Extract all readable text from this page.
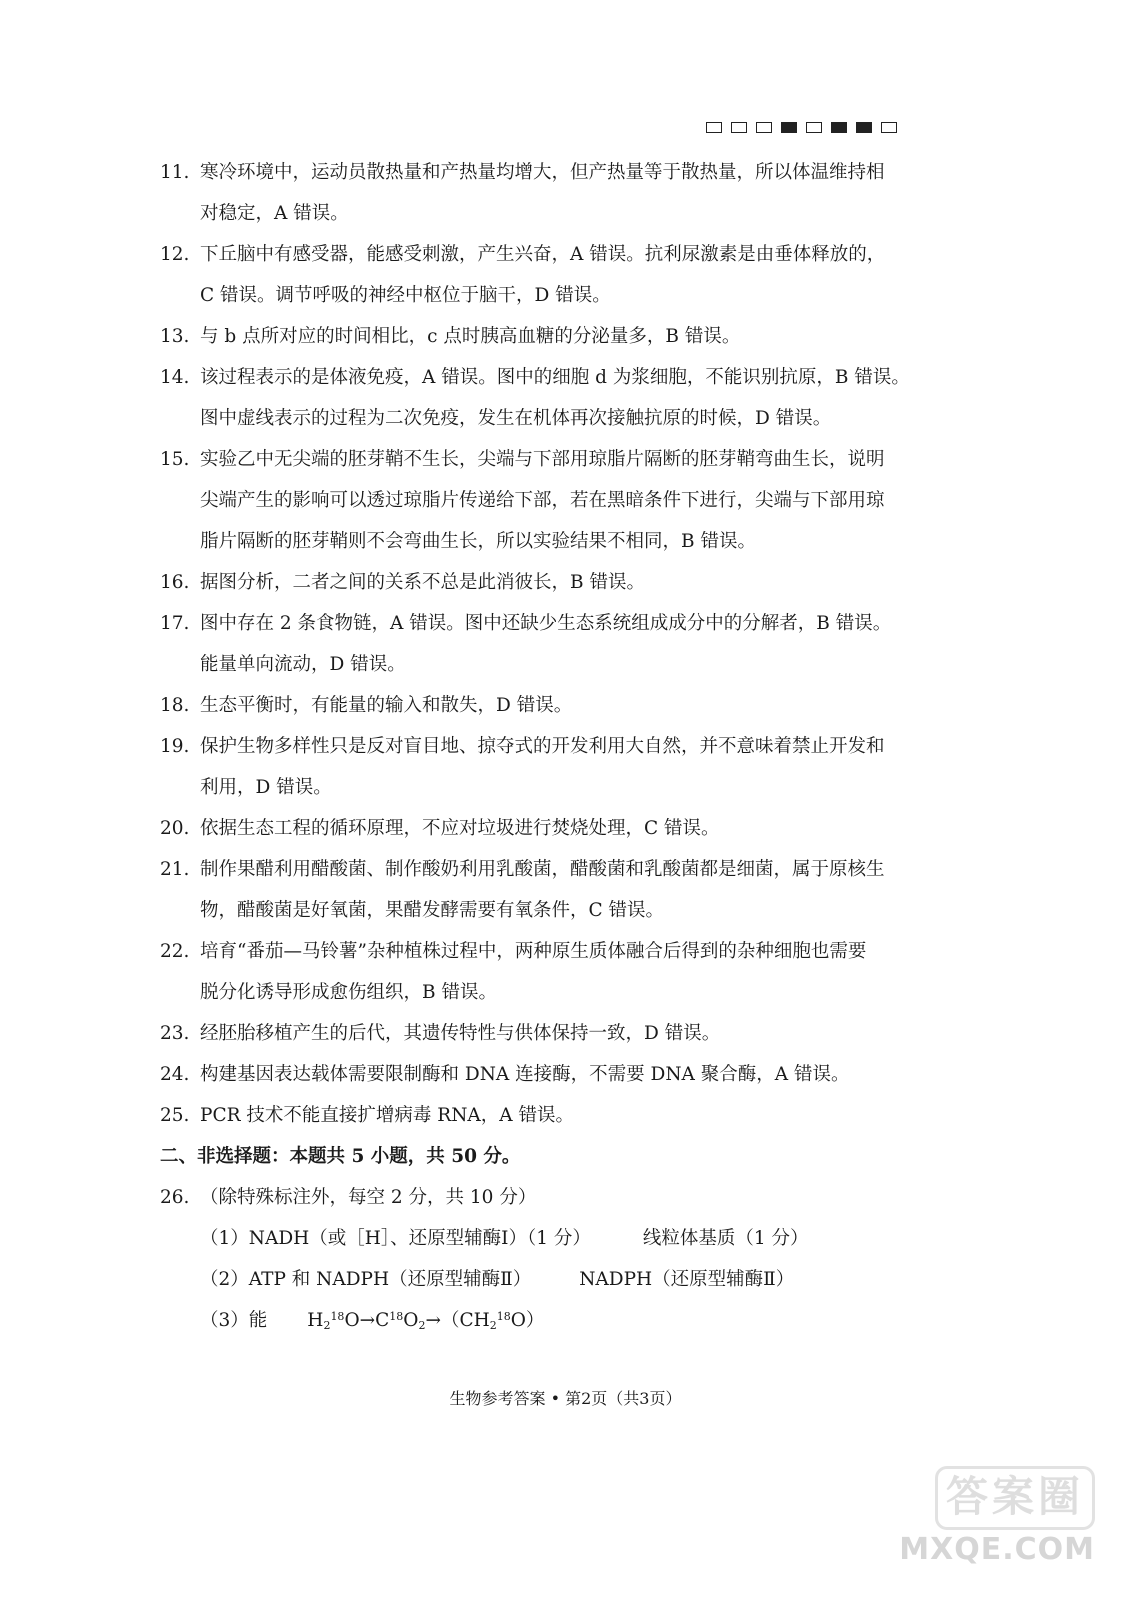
11. 寒冷环境中，运动员散热量和产热量均增大，但产热量等于散热量，所以体温维持相
对稳定，A 错误。
12. 下丘脑中有感受器，能感受刺激，产生兴奋，A 错误。抗利尿激素是由垂体释放的，
C 错误。调节呼吸的神经中枢位于脑干，D 错误。
13. 与 b 点所对应的时间相比，c 点时胰高血糖的分泌量多，B 错误。
14. 该过程表示的是体液免疫，A 错误。图中的细胞 d 为浆细胞，不能识别抗原，B 错误。
图中虚线表示的过程为二次免疫，发生在机体再次接触抗原的时候，D 错误。
15. 实验乙中无尖端的胚芽鞘不生长，尖端与下部用琼脂片隔断的胚芽鞘弯曲生长，说明
尖端产生的影响可以透过琼脂片传递给下部，若在黑暗条件下进行，尖端与下部用琼
脂片隔断的胚芽鞘则不会弯曲生长，所以实验结果不相同，B 错误。
16. 据图分析，二者之间的关系不总是此消彼长，B 错误。
17. 图中存在 2 条食物链，A 错误。图中还缺少生态系统组成成分中的分解者，B 错误。
能量单向流动，D 错误。
18. 生态平衡时，有能量的输入和散失，D 错误。
19. 保护生物多样性只是反对盲目地、掠夺式的开发利用大自然，并不意味着禁止开发和
利用，D 错误。
20. 依据生态工程的循环原理，不应对垃圾进行焚烧处理，C 错误。
21. 制作果醋利用醋酸菌、制作酸奶利用乳酸菌，醋酸菌和乳酸菌都是细菌，属于原核生
物，醋酸菌是好氧菌，果醋发酵需要有氧条件，C 错误。
22. 培育“番茄—马铃薯”杂种植株过程中，两种原生质体融合后得到的杂种细胞也需要
脱分化诱导形成愈伤组织，B 错误。
23. 经胚胎移植产生的后代，其遗传特性与供体保持一致，D 错误。
24. 构建基因表达载体需要限制酶和 DNA 连接酶，不需要 DNA 聚合酶，A 错误。
25. PCR 技术不能直接扩增病毒 RNA，A 错误。
二、非选择题：本题共 5 小题，共 50 分。
26. （除特殊标注外，每空 2 分，共 10 分）
（1）NADH（或［H］、还原型辅酶Ⅰ）（1 分）	线粒体基质（1 分）
（2）ATP 和 NADPH（还原型辅酶Ⅱ）	NADPH（还原型辅酶Ⅱ）
（3）能 $H_2^{18}O\to C^{18}O_2\to(CH_2^{18}O)$
生物参考答案 • 第2页（共3页）
答案圈
MXQE.COM
